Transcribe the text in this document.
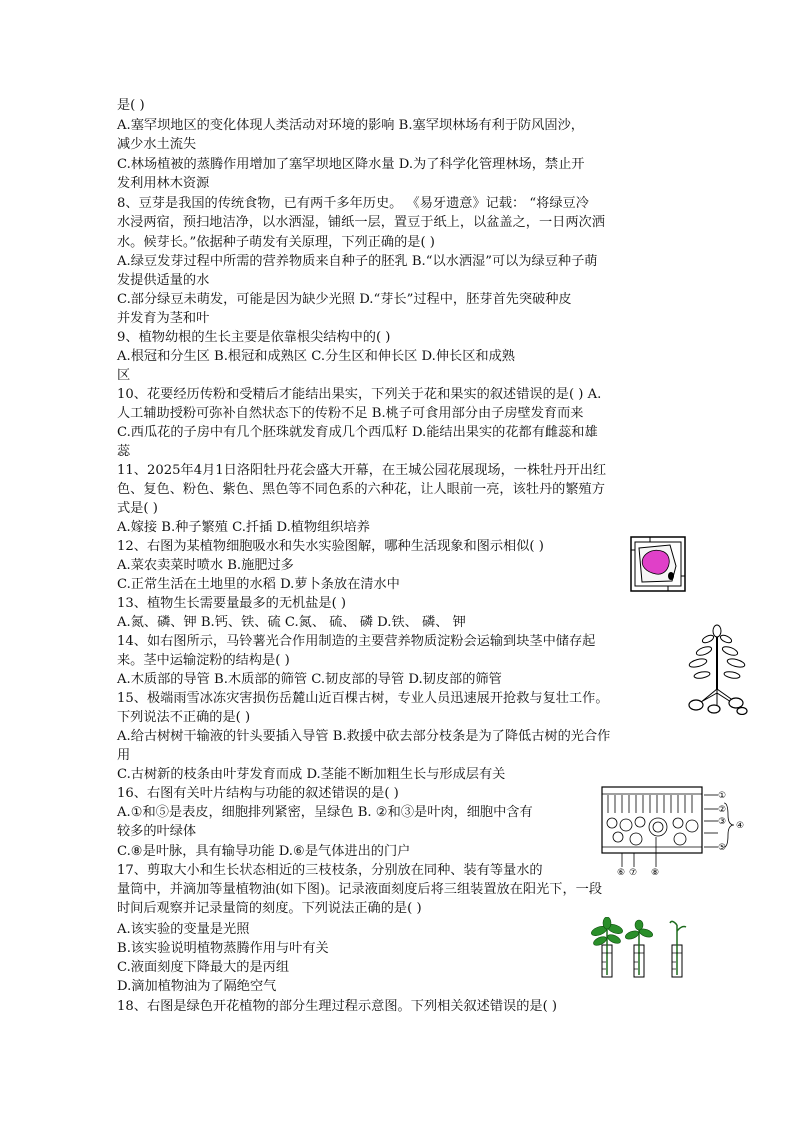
是( )
A.塞罕坝地区的变化体现人类活动对环境的影响 B.塞罕坝林场有利于防风固沙，
减少水土流失
C.林场植被的蒸腾作用增加了塞罕坝地区降水量 D.为了科学化管理林场，禁止开
发利用林木资源
8、豆芽是我国的传统食物，已有两千多年历史。 《易牙遗意》记载： “将绿豆冷
水浸两宿，预扫地洁净，以水洒湿，铺纸一层，置豆于纸上，以盆盖之，一日两次洒
水。候芽长。”依据种子萌发有关原理，下列正确的是( )
A.绿豆发芽过程中所需的营养物质来自种子的胚乳 B.“以水洒湿”可以为绿豆种子萌
发提供适量的水
C.部分绿豆未萌发，可能是因为缺少光照 D.“芽长”过程中，胚芽首先突破种皮
并发育为茎和叶
9、植物幼根的生长主要是依靠根尖结构中的( )
A.根冠和分生区 B.根冠和成熟区 C.分生区和伸长区 D.伸长区和成熟
区
10、花要经历传粉和受精后才能结出果实，下列关于花和果实的叙述错误的是( ) A.
人工辅助授粉可弥补自然状态下的传粉不足 B.桃子可食用部分由子房壁发育而来
C.西瓜花的子房中有几个胚珠就发育成几个西瓜籽 D.能结出果实的花都有雌蕊和雄
蕊
11、2025年4月1日洛阳牡丹花会盛大开幕，在王城公园花展现场，一株牡丹开出红
色、复色、粉色、紫色、黑色等不同色系的六种花，让人眼前一亮，该牡丹的繁殖方
式是( )
A.嫁接 B.种子繁殖 C.扦插 D.植物组织培养
12、右图为某植物细胞吸水和失水实验图解，哪种生活现象和图示相似( )
A.菜农卖菜时喷水 B.施肥过多
C.正常生活在土地里的水稻 D.萝卜条放在清水中
13、植物生长需要量最多的无机盐是( )
A.氮、磷、钾 B.钙、铁、硫 C.氮、 硫、 磷 D.铁、 磷、 钾
14、如右图所示，马铃薯光合作用制造的主要营养物质淀粉会运输到块茎中储存起
来。茎中运输淀粉的结构是( )
A.木质部的导管 B.木质部的筛管 C.韧皮部的导管 D.韧皮部的筛管
15、极端雨雪冰冻灾害损伤岳麓山近百棵古树，专业人员迅速展开抢救与复壮工作。
下列说法不正确的是( )
A.给古树树干输液的针头要插入导管 B.救援中砍去部分枝条是为了降低古树的光合作
用
C.古树新的枝条由叶芽发育而成 D.茎能不断加粗生长与形成层有关
16、右图有关叶片结构与功能的叙述错误的是( )
A.①和⑤是表皮，细胞排列紧密，呈绿色 B. ②和③是叶肉，细胞中含有
较多的叶绿体
C.⑧是叶脉，具有输导功能 D.⑥是气体进出的门户
17、剪取大小和生长状态相近的三枝枝条，分别放在同种、装有等量水的
量筒中，并滴加等量植物油(如下图)。记录液面刻度后将三组装置放在阳光下，一段
时间后观察并记录量筒的刻度。下列说法正确的是( )
A.该实验的变量是光照
B.该实验说明植物蒸腾作用与叶有关
C.液面刻度下降最大的是丙组
D.滴加植物油为了隔绝空气
18、右图是绿色开花植物的部分生理过程示意图。下列相关叙述错误的是( )
①
②
③ ④
⑤
⑥ ⑦ ⑧
